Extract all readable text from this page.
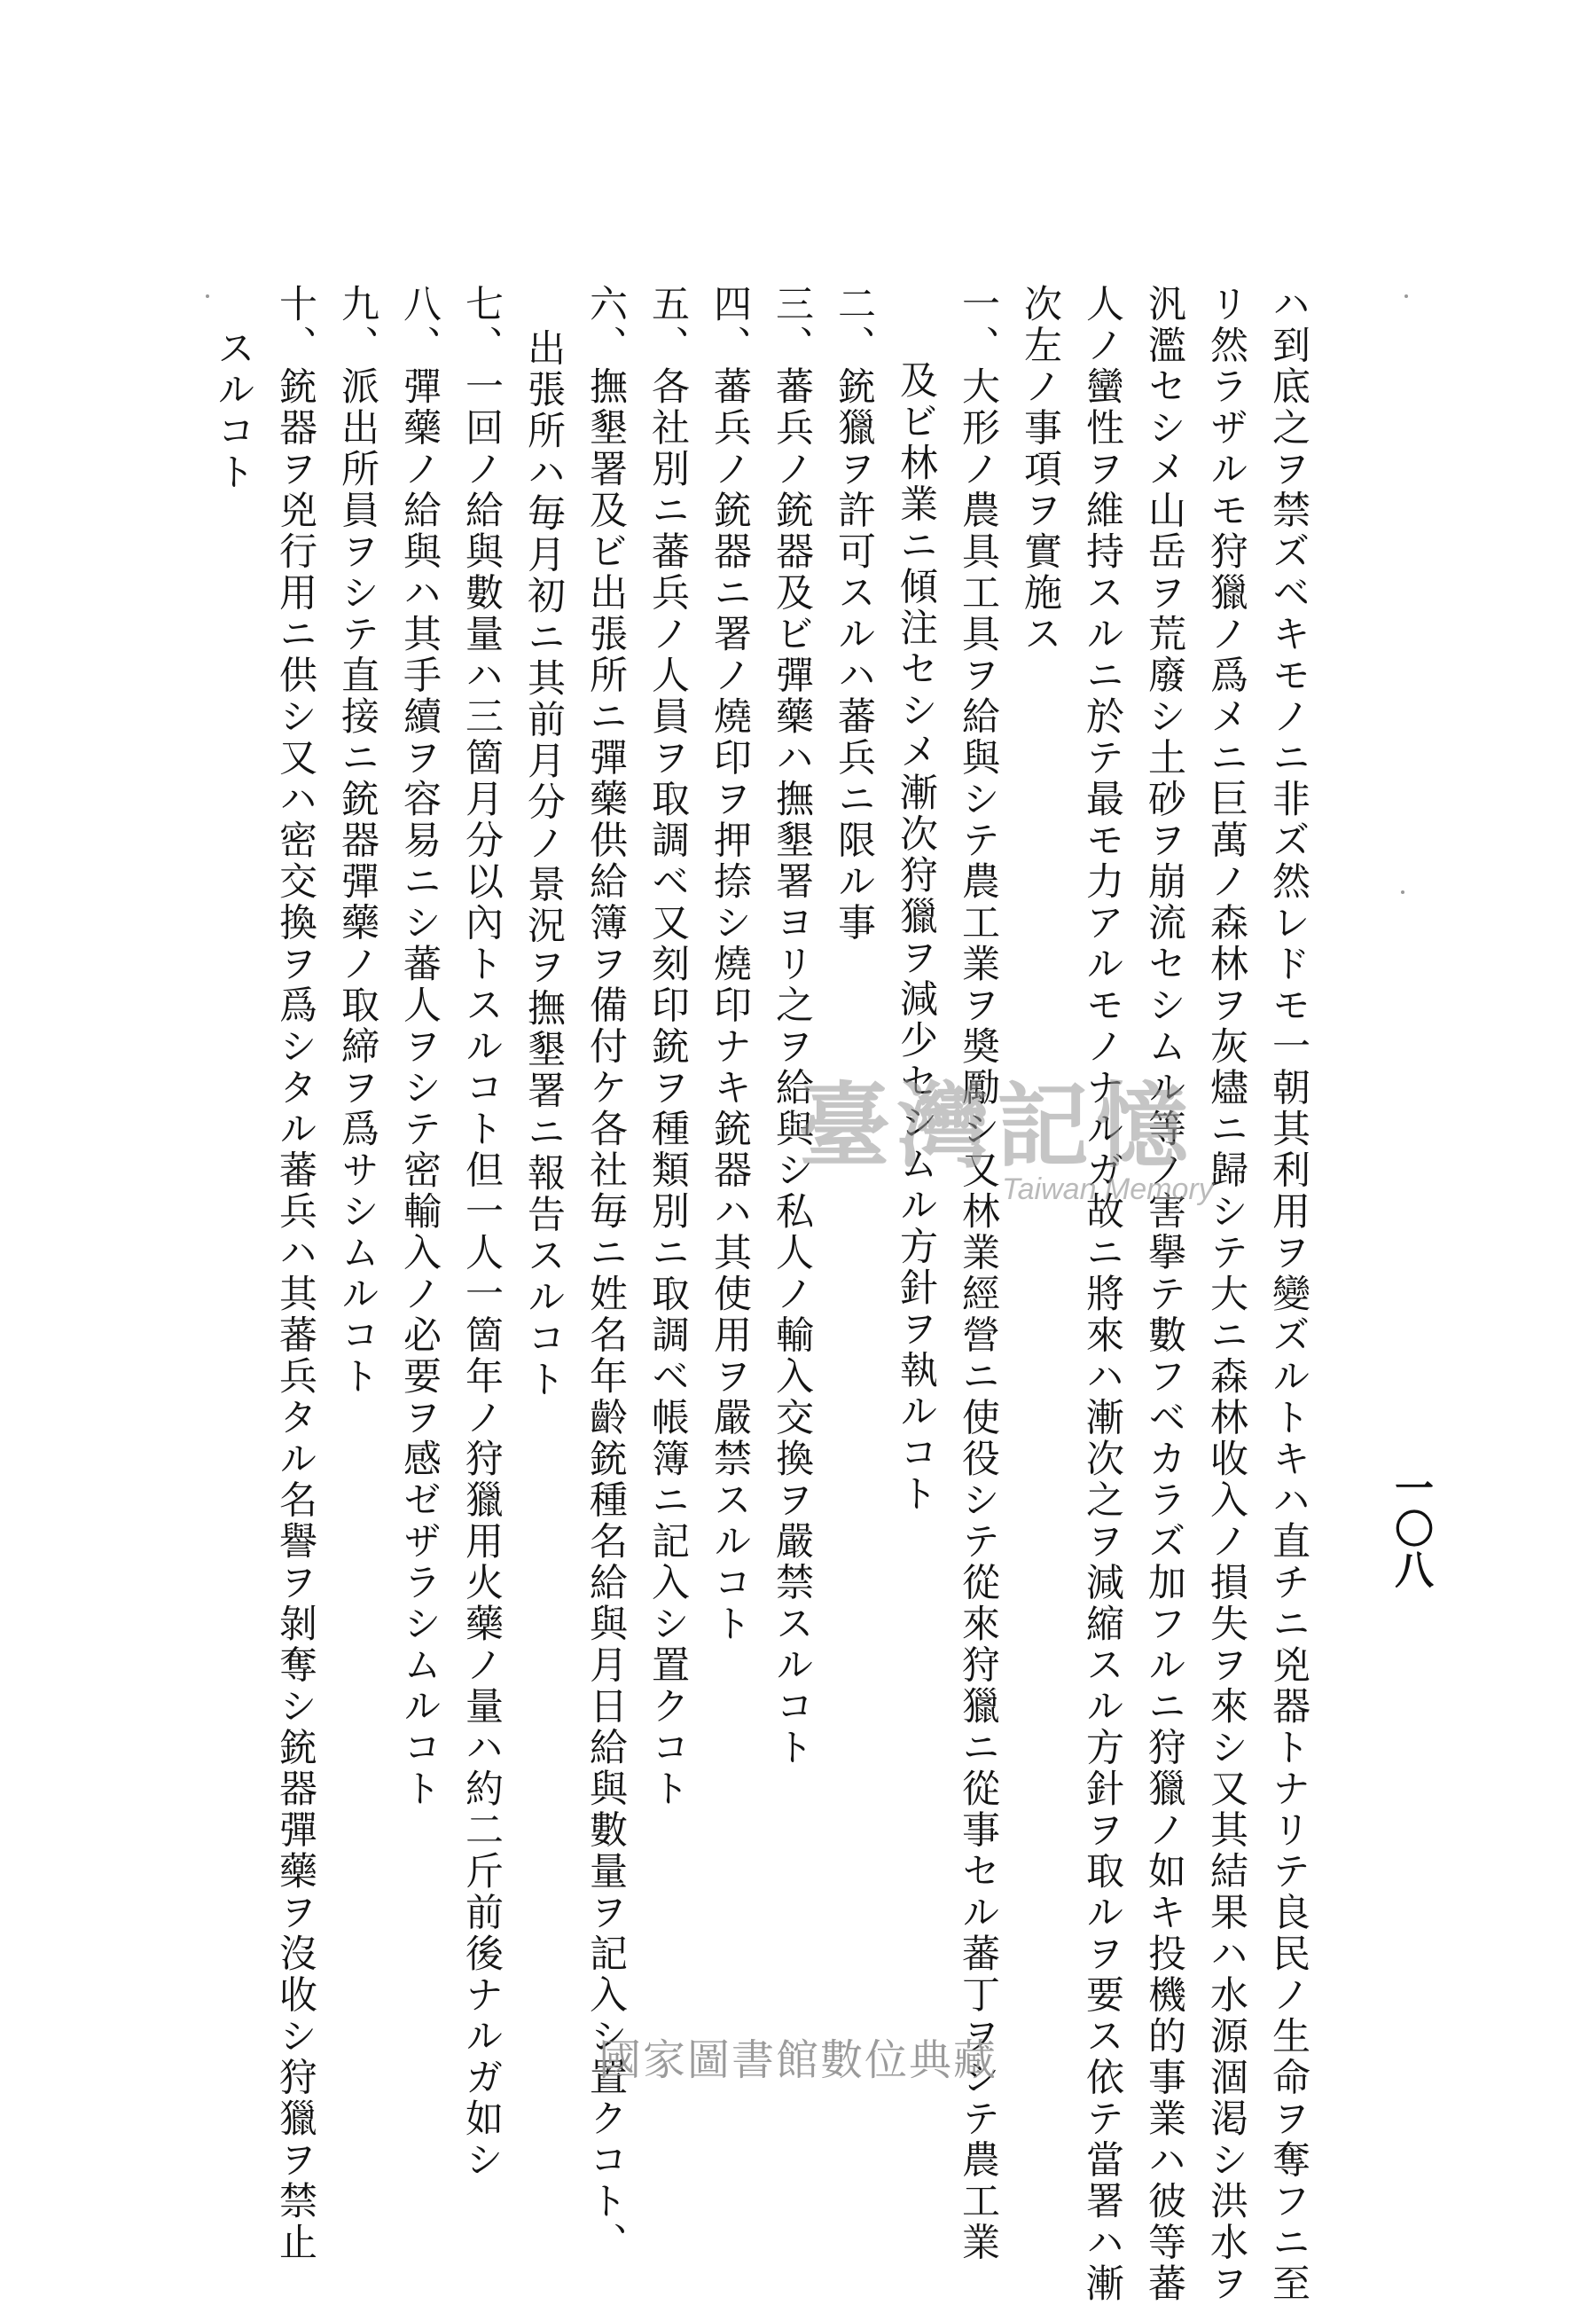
一〇八
ハ到底之ヲ禁ズベキモノニ非ズ然レドモ一朝其利用ヲ變ズルトキハ直チニ兇器トナリテ良民ノ生命ヲ奪フニ至
リ然ラザルモ狩獵ノ爲メニ巨萬ノ森林ヲ灰燼ニ歸シテ大ニ森林收入ノ損失ヲ來シ又其結果ハ水源涸渇シ洪水ヲ
汎濫セシメ山岳ヲ荒廢シ土砂ヲ崩流セシムル等ノ害擧テ數フベカラズ加フルニ狩獵ノ如キ投機的事業ハ彼等蕃
人ノ蠻性ヲ維持スルニ於テ最モ力アルモノナルガ故ニ將來ハ漸次之ヲ減縮スル方針ヲ取ルヲ要ス依テ當署ハ漸
次左ノ事項ヲ實施ス
一、大形ノ農具工具ヲ給與シテ農工業ヲ奬勵シ又林業經營ニ使役シテ從來狩獵ニ從事セル蕃丁ヲシテ農工業
及ビ林業ニ傾注セシメ漸次狩獵ヲ減少セシムル方針ヲ執ルコト
二、銃獵ヲ許可スルハ蕃兵ニ限ル事
三、蕃兵ノ銃器及ビ彈藥ハ撫墾署ヨリ之ヲ給與シ私人ノ輸入交換ヲ嚴禁スルコト
四、蕃兵ノ銃器ニ署ノ燒印ヲ押捺シ燒印ナキ銃器ハ其使用ヲ嚴禁スルコト
五、各社別ニ蕃兵ノ人員ヲ取調ベ又刻印銃ヲ種類別ニ取調ベ帳簿ニ記入シ置クコト
六、撫墾署及ビ出張所ニ彈藥供給簿ヲ備付ケ各社毎ニ姓名年齡銃種名給與月日給與數量ヲ記入シ置クコト、
出張所ハ毎月初ニ其前月分ノ景況ヲ撫墾署ニ報告スルコト
七、一回ノ給與數量ハ三箇月分以內トスルコト但一人一箇年ノ狩獵用火藥ノ量ハ約二斤前後ナルガ如シ
八、彈藥ノ給與ハ其手續ヲ容易ニシ蕃人ヲシテ密輸入ノ必要ヲ感ゼザラシムルコト
九、派出所員ヲシテ直接ニ銃器彈藥ノ取締ヲ爲サシムルコト
十、銃器ヲ兇行用ニ供シ又ハ密交換ヲ爲シタル蕃兵ハ其蕃兵タル名譽ヲ剝奪シ銃器彈藥ヲ沒收シ狩獵ヲ禁止
スルコト
臺灣記憶
Taiwan Memory
國家圖書館數位典藏
